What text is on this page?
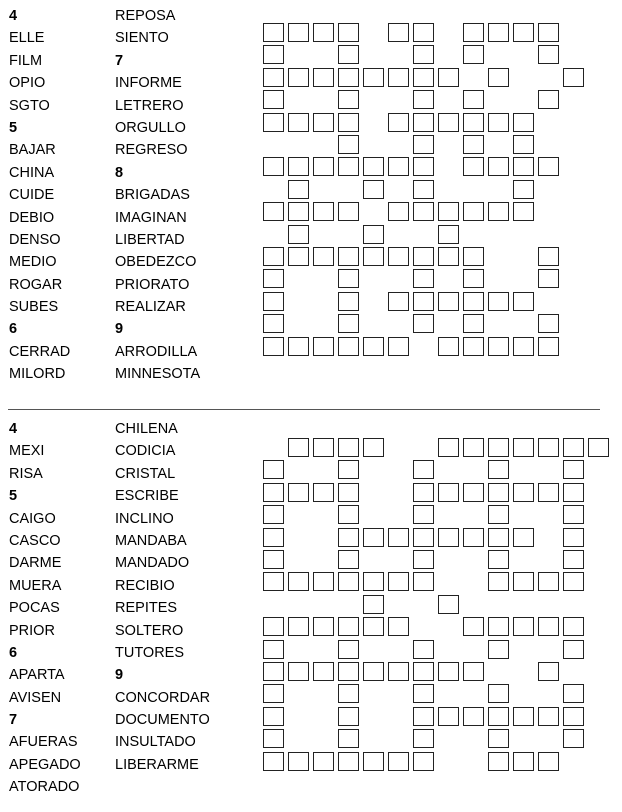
4
ELLE
FILM
OPIO
SGTO
5
BAJAR
CHINA
CUIDE
DEBIO
DENSO
MEDIO
ROGAR
SUBES
6
CERRAD
MILORD
REPOSA
SIENTO
7
INFORME
LETRERO
ORGULLO
REGRESO
8
BRIGADAS
IMAGINAN
LIBERTAD
OBEDEZCO
PRIORATO
REALIZAR
9
ARRODILLA
MINNESOTA
4
MEXI
RISA
5
CAIGO
CASCO
DARME
MUERA
POCAS
PRIOR
6
APARTA
AVISEN
7
AFUERAS
APEGADO
ATORADO
CHILENA
CODICIA
CRISTAL
ESCRIBE
INCLINO
MANDABA
MANDADO
RECIBIO
REPITES
SOLTERO
TUTORES
9
CONCORDAR
DOCUMENTO
INSULTADO
LIBERARME
